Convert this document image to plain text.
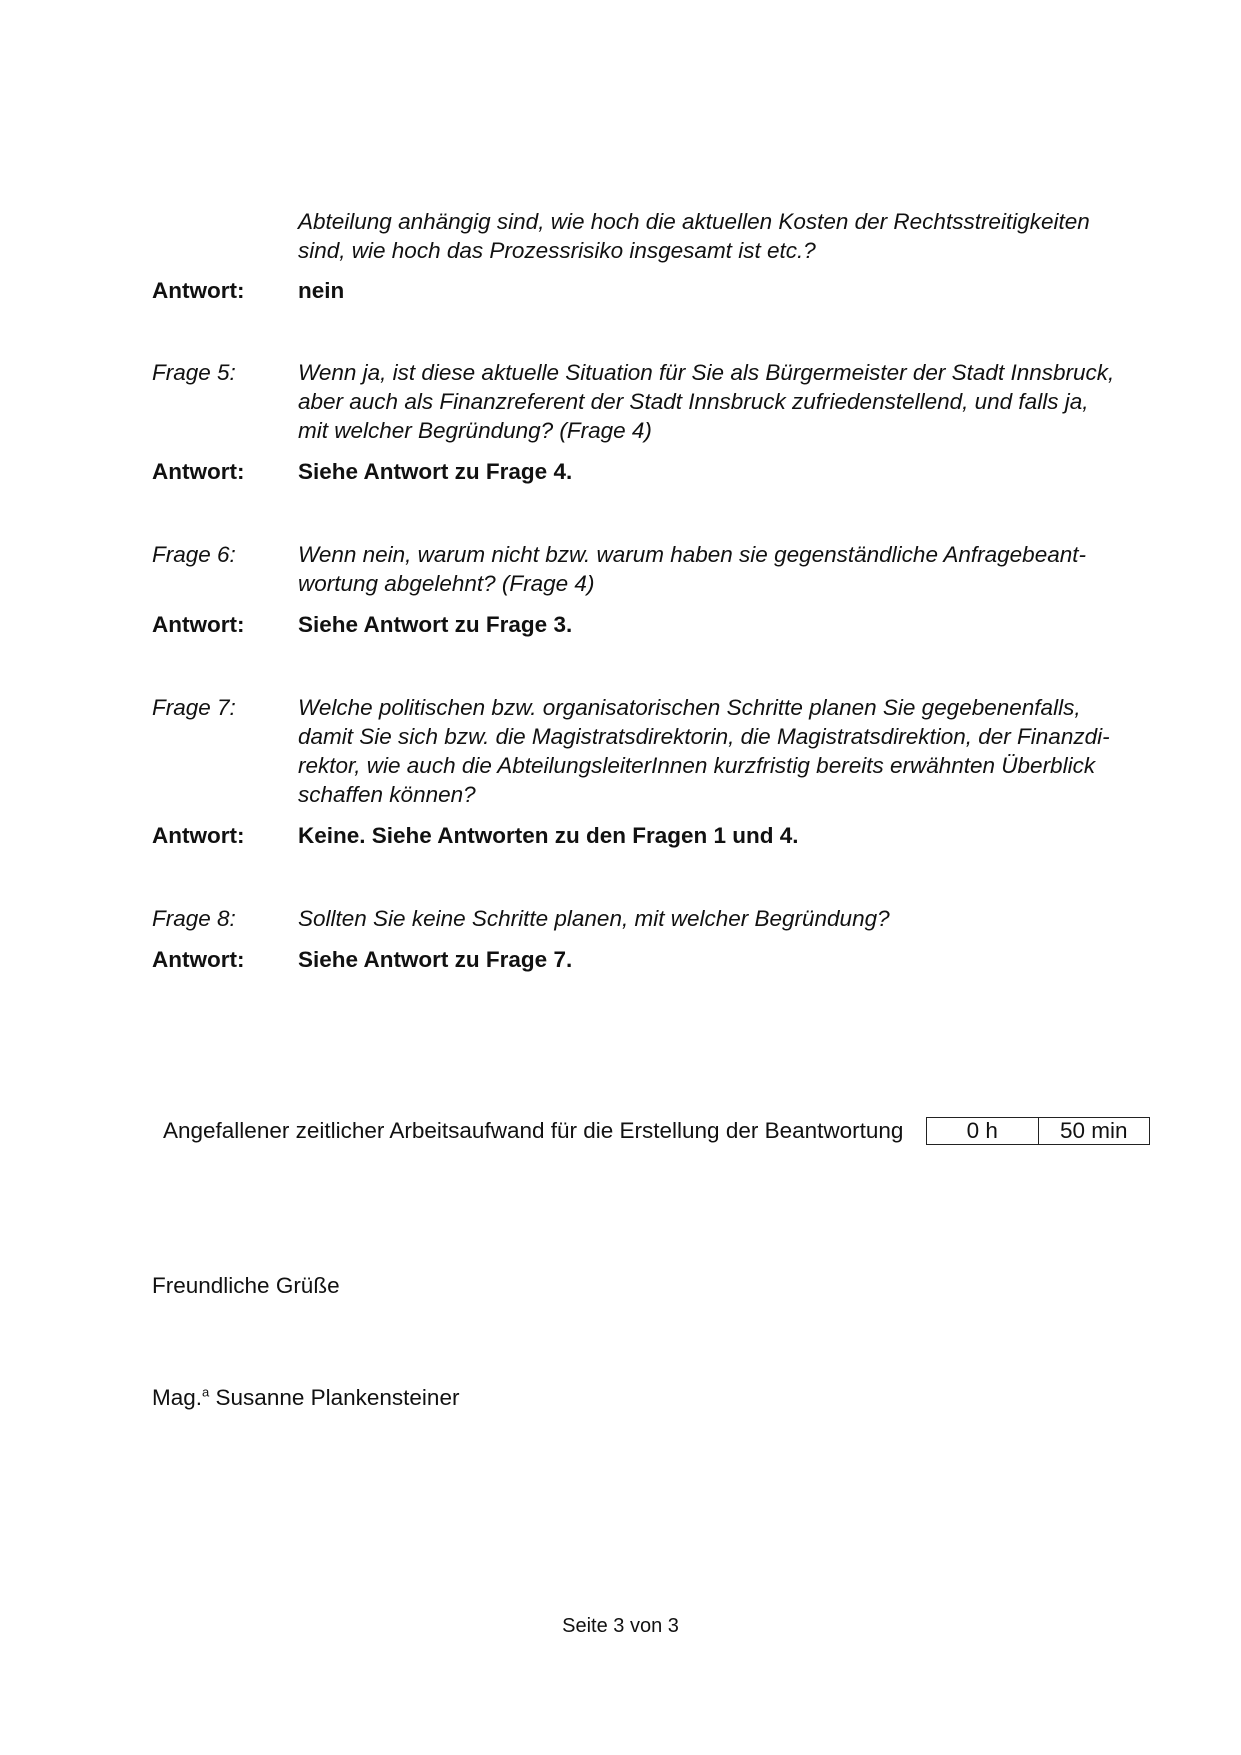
Abteilung anhängig sind, wie hoch die aktuellen Kosten der Rechtsstreitigkeiten
sind, wie hoch das Prozessrisiko insgesamt ist etc.?
Antwort: nein
Frage 5:	Wenn ja, ist diese aktuelle Situation für Sie als Bürgermeister der Stadt Innsbruck,
aber auch als Finanzreferent der Stadt Innsbruck zufriedenstellend, und falls ja,
mit welcher Begründung? (Frage 4)
Antwort: Siehe Antwort zu Frage 4.
Frage 6:	Wenn nein, warum nicht bzw. warum haben sie gegenständliche Anfragebeant-
wortung abgelehnt? (Frage 4)
Antwort: Siehe Antwort zu Frage 3.
Frage 7:	Welche politischen bzw. organisatorischen Schritte planen Sie gegebenenfalls,
damit Sie sich bzw. die Magistratsdirektorin, die Magistratsdirektion, der Finanzdi-
rektor, wie auch die AbteilungsleiterInnen kurzfristig bereits erwähnten Überblick
schaffen können?
Antwort: Keine. Siehe Antworten zu den Fragen 1 und 4.
Frage 8:	Sollten Sie keine Schritte planen, mit welcher Begründung?
Antwort: Siehe Antwort zu Frage 7.
Angefallener zeitlicher Arbeitsaufwand für die Erstellung der Beantwortung	0 h	50 min
Freundliche Grüße
Mag.$^a$ Susanne Plankensteiner
Seite 3 von 3
